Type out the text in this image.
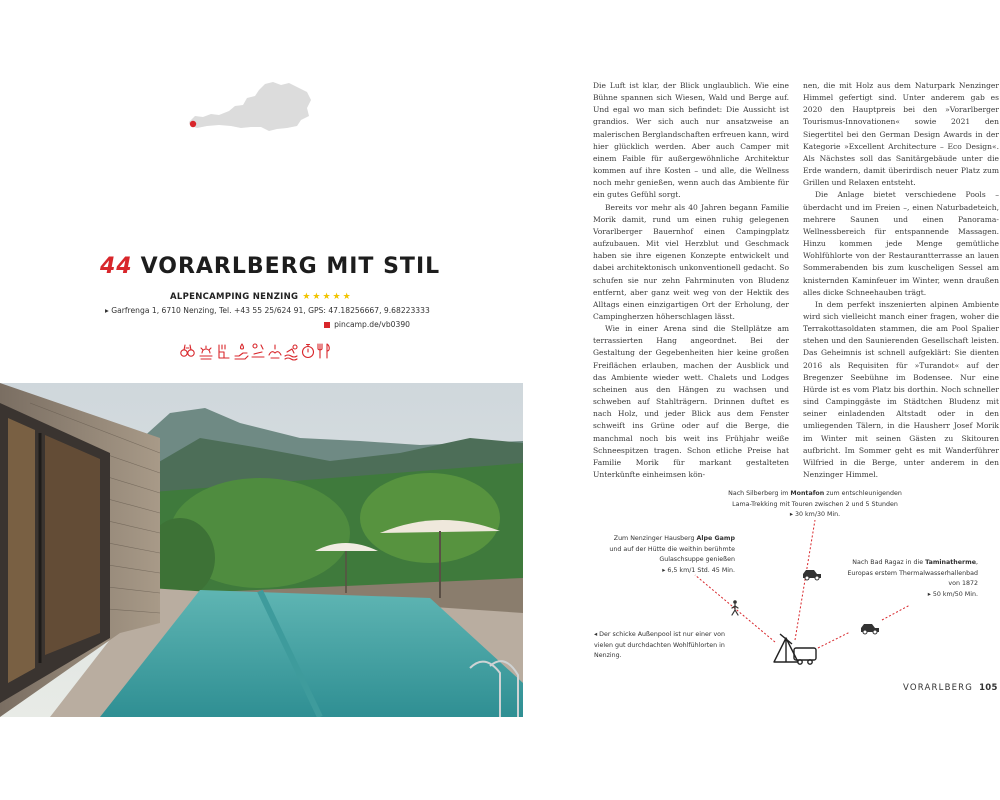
44 VORARLBERG MIT STIL
ALPENCAMPING NENZING ★★★★★
▸ Garfrenga 1, 6710 Nenzing, Tel. +43 55 25/624 91, GPS: 47.18256667, 9.68223333
pincamp.de/vb0390

Die Luft ist klar, der Blick unglaublich. Wie eine Bühne spannen sich Wiesen, Wald und Berge auf. Und egal wo man sich befindet: Die Aussicht ist grandios. Wer sich auch nur ansatzweise an malerischen Berglandschaften erfreuen kann, wird hier glücklich werden. Aber auch Camper mit einem Faible für außergewöhnliche Architektur kommen auf ihre Kosten – und alle, die Wellness noch mehr genießen, wenn auch das Ambiente für ein gutes Gefühl sorgt.

Bereits vor mehr als 40 Jahren begann Familie Morik damit, rund um einen ruhig gelegenen Vorarlberger Bauernhof einen Campingplatz aufzubauen. Mit viel Herzblut und Geschmack haben sie ihre eigenen Konzepte entwickelt und dabei architektonisch unkonventionell gedacht. So schufen sie nur zehn Fahrminuten von Bludenz entfernt, aber ganz weit weg von der Hektik des Alltags einen einzigartigen Ort der Erholung, der Campingherzen höherschlagen lässt.

Wie in einer Arena sind die Stellplätze am terrassierten Hang angeordnet. Bei der Gestaltung der Gegebenheiten hier keine großen Freiflächen erlauben, machen der Ausblick und das Ambiente wieder wett. Chalets und Lodges scheinen aus den Hängen zu wachsen und schweben auf Stahlträgern. Drinnen duftet es nach Holz, und jeder Blick aus dem Fenster schweift ins Grüne oder auf die Berge, die manchmal noch bis weit ins Frühjahr weiße Schneespitzen tragen. Schon etliche Preise hat Familie Morik für markant gestalteten Unterkünfte einheimsen kön-

nen, die mit Holz aus dem Naturpark Nenzinger Himmel gefertigt sind. Unter anderem gab es 2020 den Hauptpreis bei den »Vorarlberger Tourismus-Innovationen« sowie 2021 den Siegertitel bei den German Design Awards in der Kategorie »Excellent Architecture – Eco Design«. Als Nächstes soll das Sanitärgebäude unter die Erde wandern, damit überirdisch neuer Platz zum Grillen und Relaxen entsteht.

Die Anlage bietet verschiedene Pools – überdacht und im Freien –, einen Naturbadeteich, mehrere Saunen und einen Panorama-Wellnessbereich für entspannende Massagen. Hinzu kommen jede Menge gemütliche Wohlfühlorte von der Restaurantterrasse an lauen Sommerabenden bis zum kuscheligen Sessel am knisternden Kaminfeuer im Winter, wenn draußen alles dicke Schneehauben trägt.

In dem perfekt inszenierten alpinen Ambiente wird sich vielleicht manch einer fragen, woher die Terrakottasoldaten stammen, die am Pool Spalier stehen und den Saunierenden Gesellschaft leisten. Das Geheimnis ist schnell aufgeklärt: Sie dienten 2016 als Requisiten für »Turandot« auf der Bregenzer Seebühne im Bodensee. Nur eine Hürde ist es vom Platz bis dorthin. Noch schneller sind Campinggäste im Städtchen Bludenz mit seiner einladenden Altstadt oder in den umliegenden Tälern, in die Hausherr Josef Morik im Winter mit seinen Gästen zu Skitouren aufbricht. Im Sommer geht es mit Wanderführer Wilfried in die Berge, unter anderem in den Nenzinger Himmel.

Nach Silberberg im Montafon zum entschleunigenden Lama-Trekking mit Touren zwischen 2 und 5 Stunden
▸ 30 km/30 Min.
Zum Nenzinger Hausberg Alpe Gamp und auf der Hütte die weithin berühmte Gulaschsuppe genießen
▸ 6,5 km/1 Std. 45 Min.
Nach Bad Ragaz in die Taminatherme, Europas erstem Thermalwasserhallenbad von 1872
▸ 50 km/50 Min.
◂ Der schicke Außenpool ist nur einer von vielen gut durchdachten Wohlfühlorten in Nenzing.
VORARLBERG 105
